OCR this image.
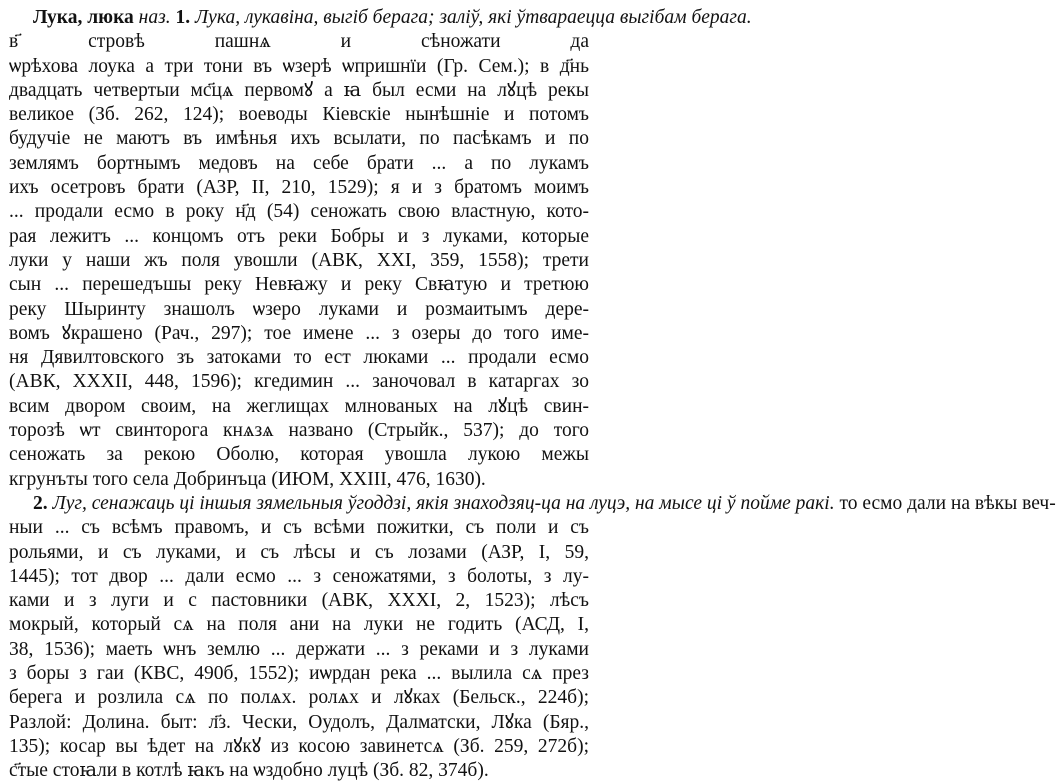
Лука, люка наз. 1. Лука, лукавіна, выгіб берага; заліў, які ўтвараецца выгібам берага.
в҃ стровѣ пашнѧ и сѣножати да
ѡрѣхова лоука а три тони въ ѡзерѣ ѡпришнїи (Гр. Сем.); в д҃нь
двадцать четвертыи мс҃цѧ первомꙋ а ꙗ был есми на лꙋцѣ рекы
великое (Зб. 262, 124); воеводы Кіевскіе нынѣшніе и потомъ
будучіе не маютъ въ имѣнья ихъ всылати, по пасѣкамъ и по
землямъ бортнымъ медовъ на себе брати ... а по лукамъ
ихъ осетровъ брати (АЗР, II, 210, 1529); я и з братомъ моимъ
... продали есмо в року н҃д (54) сеножать свою властную, кото-
рая лежитъ ... концомъ отъ реки Бобры и з луками, которые
луки у наши жъ поля увошли (АВК, XXI, 359, 1558); трети
сын ... перешедъшы реку Невꙗжу и реку Свꙗтую и третюю
реку Шыринту знашолъ ѡзеро луками и розмаитымъ дере-
вомъ ꙋкрашено (Рач., 297); тое имене ... з озеры до того име-
ня Дявилтовского зъ затоками то ест люками ... продали есмо
(АВК, XXXII, 448, 1596); кгедимин ... заночовал в катаргах зо
всим двором своим, на жеглищах млнованых на лꙋцѣ свин-
торозѣ ѡт свинторога кнѧзѧ названо (Стрыйк., 537); до того
сеножать за рекою Оболю, которая увошла лукою межы
кгрунъты того села Добринъца (ИЮМ, XXIII, 476, 1630).
2. Луг, сенажаць ці іншыя зямельныя ўгоддзі, якія знаходзяц-ца на луцэ, на мысе ці ў пойме ракі. то есмо дали на вѣкы веч-
ныи ... съ всѣмъ правомъ, и съ всѣми пожитки, съ поли и съ
рольями, и съ луками, и съ лѣсы и съ лозами (АЗР, I, 59,
1445); тот двор ... дали есмо ... з сеножатями, з болоты, з лу-
ками и з луги и с пастовники (АВК, XXXI, 2, 1523); лѣсъ
мокрый, который сѧ на поля ани на луки не годить (АСД, I,
38, 1536); маеть ѡнъ землю ... держати ... з реками и з луками
з боры з гаи (КВС, 490б, 1552); иѡрдан река ... вылила сѧ през
берега и розлила сѧ по полѧх. ролѧх и лꙋках (Бельск., 224б);
Разлой: Долина. быт: л҃з. Чески, Оудолъ, Далматски, Лꙋка (Бяр.,
135); косар вы ѣдет на лꙋкꙋ из косою завинетсѧ (Зб. 259, 272б);
с҃тые стоꙗли в котлѣ ꙗкъ на ѡздобно луцѣ (Зб. 82, 374б).
